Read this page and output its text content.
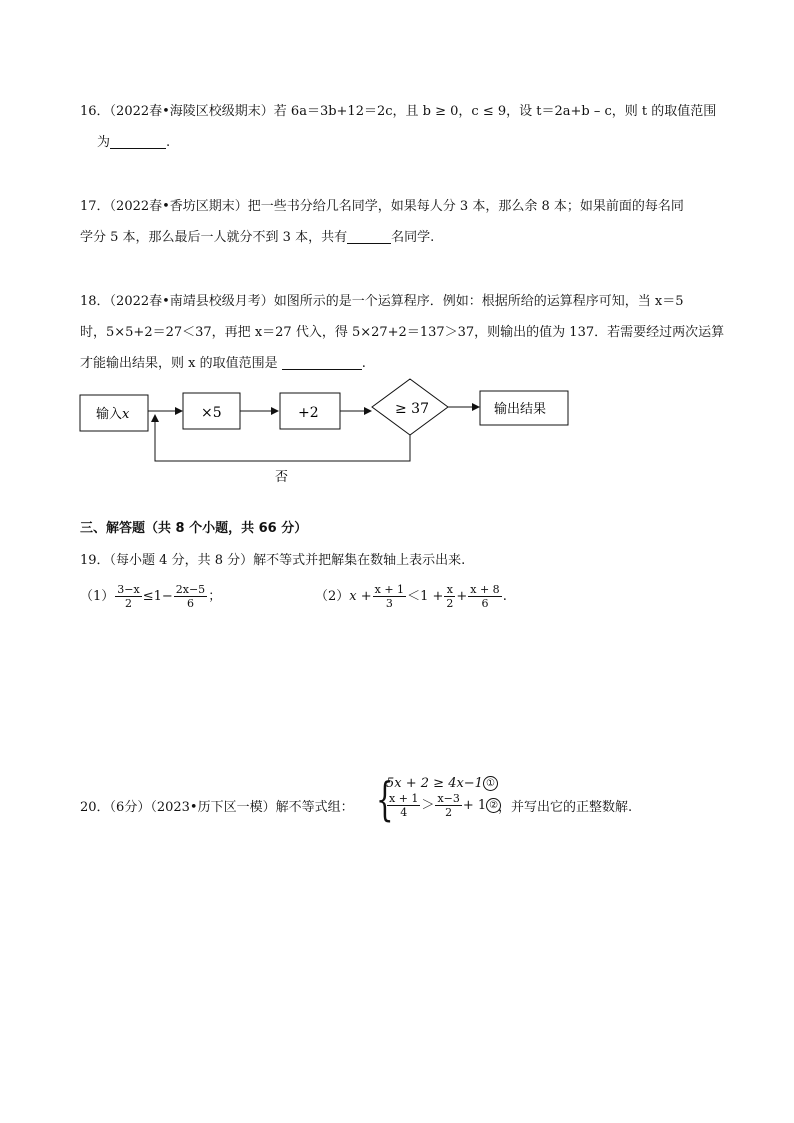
16．（2022春•海陵区校级期末）若 6a＝3b+12＝2c，且 b ≥ 0，c ≤ 9，设 t＝2a+b – c，则 t 的取值范围
为	.
17．（2022春•香坊区期末）把一些书分给几名同学，如果每人分 3 本，那么余 8 本；如果前面的每名同
学分 5 本，那么最后一人就分不到 3 本，共有	名同学.
18．（2022春•南靖县校级月考）如图所示的是一个运算程序．例如：根据所给的运算程序可知，当 x＝5
时，5×5+2＝27＜37，再把 x＝27 代入，得 5×27+2＝137＞37，则输出的值为 137．若需要经过两次运算
才能输出结果，则 x 的取值范围是	.
输入x	×5	+2	≥ 37	输出结果
否
三、解答题（共 8 个小题，共 66 分）
19．（每小题 4 分，共 8 分）解不等式并把解集在数轴上表示出来.
$(1) \frac{3-x}{2} \le 1- \frac{2x-5}{6}$ ；	$(2)x + \frac{x + 1}{3} <1 + \frac{x}{2} + \frac{x + 8}{6}$ .
20．（6分）（2023•历下区一模）解不等式组： {
5x + 2 ≥ 4x−1 ①
$\frac{x + 1}{4} > \frac{x-3}{2} + 1$ ② ，并写出它的正整数解.
